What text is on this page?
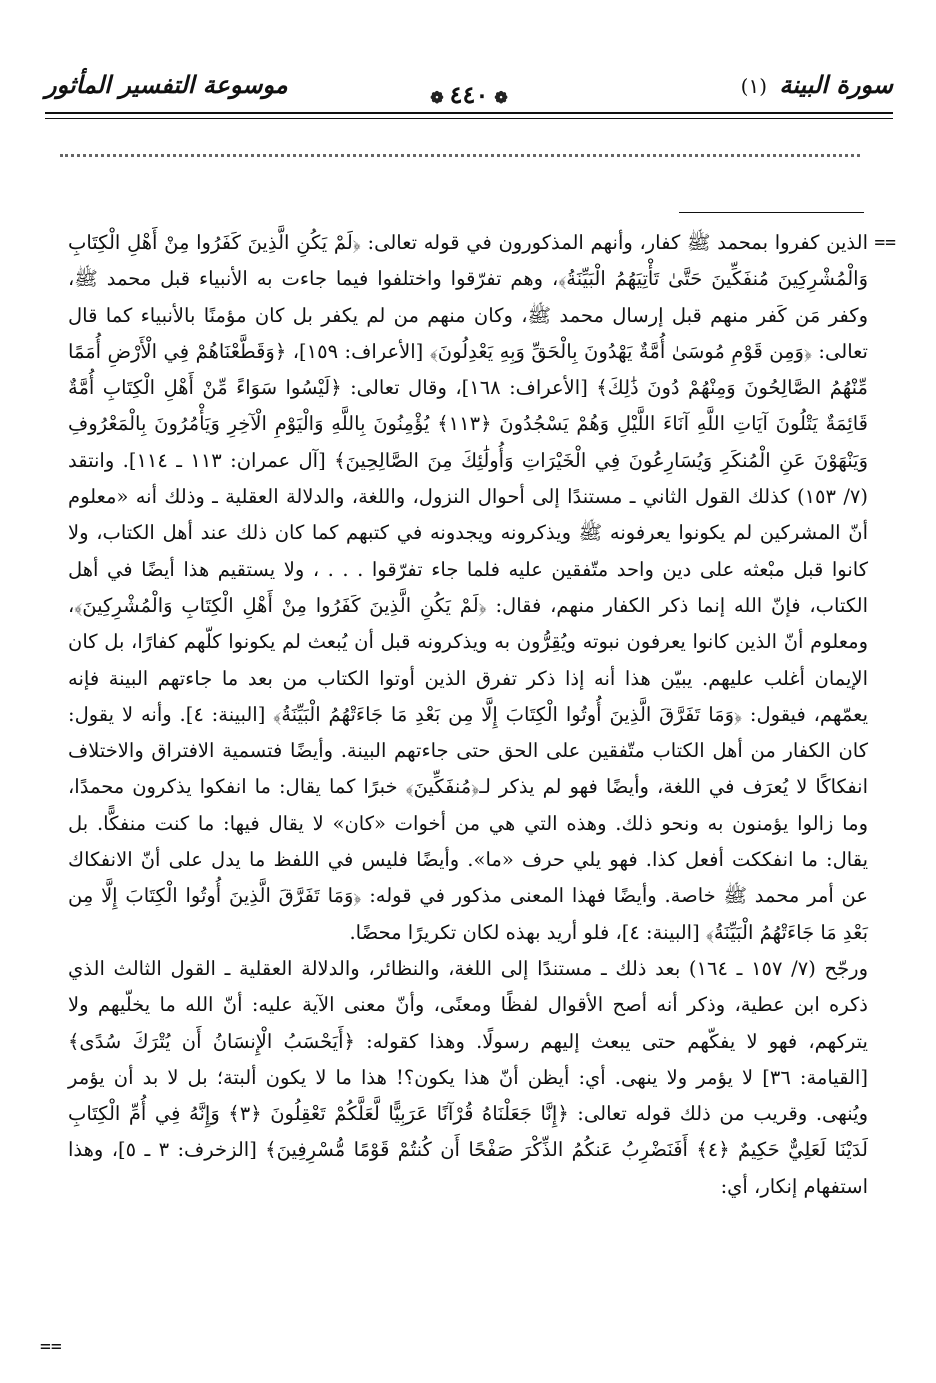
سورة البينة (١)
❁٤٤٠❁
موسوعة التفسير المأثور
==

الذين كفروا بمحمد ﷺ كفار، وأنهم المذكورون في قوله تعالى: ﴿لَمْ يَكُنِ الَّذِينَ كَفَرُوا مِنْ أَهْلِ الْكِتَابِ وَالْمُشْرِكِينَ مُنفَكِّينَ حَتَّىٰ تَأْتِيَهُمُ الْبَيِّنَةُ﴾، وهم تفرّقوا واختلفوا فيما جاءت به الأنبياء قبل محمد ﷺ، وكفر مَن كَفر منهم قبل إرسال محمد ﷺ، وكان منهم من لم يكفر بل كان مؤمنًا بالأنبياء كما قال تعالى: ﴿وَمِن قَوْمِ مُوسَىٰ أُمَّةٌ يَهْدُونَ بِالْحَقِّ وَبِهِ يَعْدِلُونَ﴾ [الأعراف: ١٥٩]، ﴿وَقَطَّعْنَاهُمْ فِي الْأَرْضِ أُمَمًا مِّنْهُمُ الصَّالِحُونَ وَمِنْهُمْ دُونَ ذَٰلِكَ﴾ [الأعراف: ١٦٨]، وقال تعالى: ﴿لَيْسُوا سَوَاءً مِّنْ أَهْلِ الْكِتَابِ أُمَّةٌ قَائِمَةٌ يَتْلُونَ آيَاتِ اللَّهِ آنَاءَ اللَّيْلِ وَهُمْ يَسْجُدُونَ ﴿١١٣﴾ يُؤْمِنُونَ بِاللَّهِ وَالْيَوْمِ الْآخِرِ وَيَأْمُرُونَ بِالْمَعْرُوفِ وَيَنْهَوْنَ عَنِ الْمُنكَرِ وَيُسَارِعُونَ فِي الْخَيْرَاتِ وَأُولَٰئِكَ مِنَ الصَّالِحِينَ﴾ [آل عمران: ١١٣ ـ ١١٤]. وانتقد (٧/ ١٥٣) كذلك القول الثاني ـ مستندًا إلى أحوال النزول، واللغة، والدلالة العقلية ـ وذلك أنه «معلوم أنّ المشركين لم يكونوا يعرفونه ﷺ ويذكرونه ويجدونه في كتبهم كما كان ذلك عند أهل الكتاب، ولا كانوا قبل مبْعثه على دين واحد متّفقين عليه فلما جاء تفرّقوا . . . ، ولا يستقيم هذا أيضًا في أهل الكتاب، فإنّ الله إنما ذكر الكفار منهم، فقال: ﴿لَمْ يَكُنِ الَّذِينَ كَفَرُوا مِنْ أَهْلِ الْكِتَابِ وَالْمُشْرِكِينَ﴾، ومعلوم أنّ الذين كانوا يعرفون نبوته ويُقِرُّون به ويذكرونه قبل أن يُبعث لم يكونوا كلّهم كفارًا، بل كان الإيمان أغلب عليهم. يبيّن هذا أنه إذا ذكر تفرق الذين أوتوا الكتاب من بعد ما جاءتهم البينة فإنه يعمّهم، فيقول: ﴿وَمَا تَفَرَّقَ الَّذِينَ أُوتُوا الْكِتَابَ إِلَّا مِن بَعْدِ مَا جَاءَتْهُمُ الْبَيِّنَةُ﴾ [البينة: ٤]. وأنه لا يقول: كان الكفار من أهل الكتاب متّفقين على الحق حتى جاءتهم البينة. وأيضًا فتسمية الافتراق والاختلاف انفكاكًا لا يُعرَف في اللغة، وأيضًا فهو لم يذكر لـ﴿مُنفَكِّينَ﴾ خبرًا كما يقال: ما انفكوا يذكرون محمدًا، وما زالوا يؤمنون به ونحو ذلك. وهذه التي هي من أخوات «كان» لا يقال فيها: ما كنت منفكًّا. بل يقال: ما انفككت أفعل كذا. فهو يلي حرف «ما». وأيضًا فليس في اللفظ ما يدل على أنّ الانفكاك عن أمر محمد ﷺ خاصة. وأيضًا فهذا المعنى مذكور في قوله: ﴿وَمَا تَفَرَّقَ الَّذِينَ أُوتُوا الْكِتَابَ إِلَّا مِن بَعْدِ مَا جَاءَتْهُمُ الْبَيِّنَةُ﴾ [البينة: ٤]، فلو أريد بهذه لكان تكريرًا محضًا.

ورجّح (٧/ ١٥٧ ـ ١٦٤) بعد ذلك ـ مستندًا إلى اللغة، والنظائر، والدلالة العقلية ـ القول الثالث الذي ذكره ابن عطية، وذكر أنه أصح الأقوال لفظًا ومعنًى، وأنّ معنى الآية عليه: أنّ الله ما يخلّيهم ولا يتركهم، فهو لا يفكّهم حتى يبعث إليهم رسولًا. وهذا كقوله: ﴿أَيَحْسَبُ الْإِنسَانُ أَن يُتْرَكَ سُدًى﴾ [القيامة: ٣٦] لا يؤمر ولا ينهى. أي: أيظن أنّ هذا يكون؟! هذا ما لا يكون ألبتة؛ بل لا بد أن يؤمر ويُنهى. وقريب من ذلك قوله تعالى: ﴿إِنَّا جَعَلْنَاهُ قُرْآنًا عَرَبِيًّا لَّعَلَّكُمْ تَعْقِلُونَ ﴿٣﴾ وَإِنَّهُ فِي أُمِّ الْكِتَابِ لَدَيْنَا لَعَلِيٌّ حَكِيمٌ ﴿٤﴾ أَفَنَضْرِبُ عَنكُمُ الذِّكْرَ صَفْحًا أَن كُنتُمْ قَوْمًا مُّسْرِفِينَ﴾ [الزخرف: ٣ ـ ٥]، وهذا استفهام إنكار، أي:

==
